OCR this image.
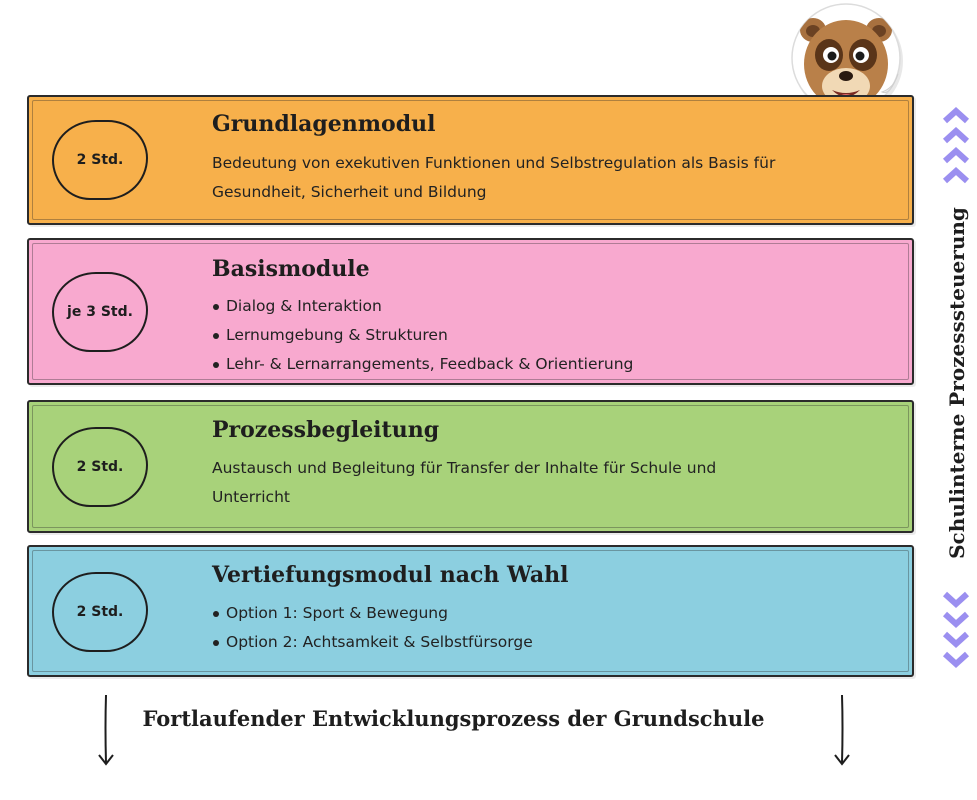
2 Std.
Grundlagenmodul
Bedeutung von exekutiven Funktionen und Selbstregulation als Basis für
Gesundheit, Sicherheit und Bildung
je 3 Std.
Basismodule
Dialog & Interaktion
Lernumgebung & Strukturen
Lehr- & Lernarrangements, Feedback & Orientierung
2 Std.
Prozessbegleitung
Austausch und Begleitung für Transfer der Inhalte für Schule und
Unterricht
2 Std.
Vertiefungsmodul nach Wahl
Option 1: Sport & Bewegung
Option 2: Achtsamkeit & Selbstfürsorge
Schulinterne Prozesssteuerung
Fortlaufender Entwicklungsprozess der Grundschule
